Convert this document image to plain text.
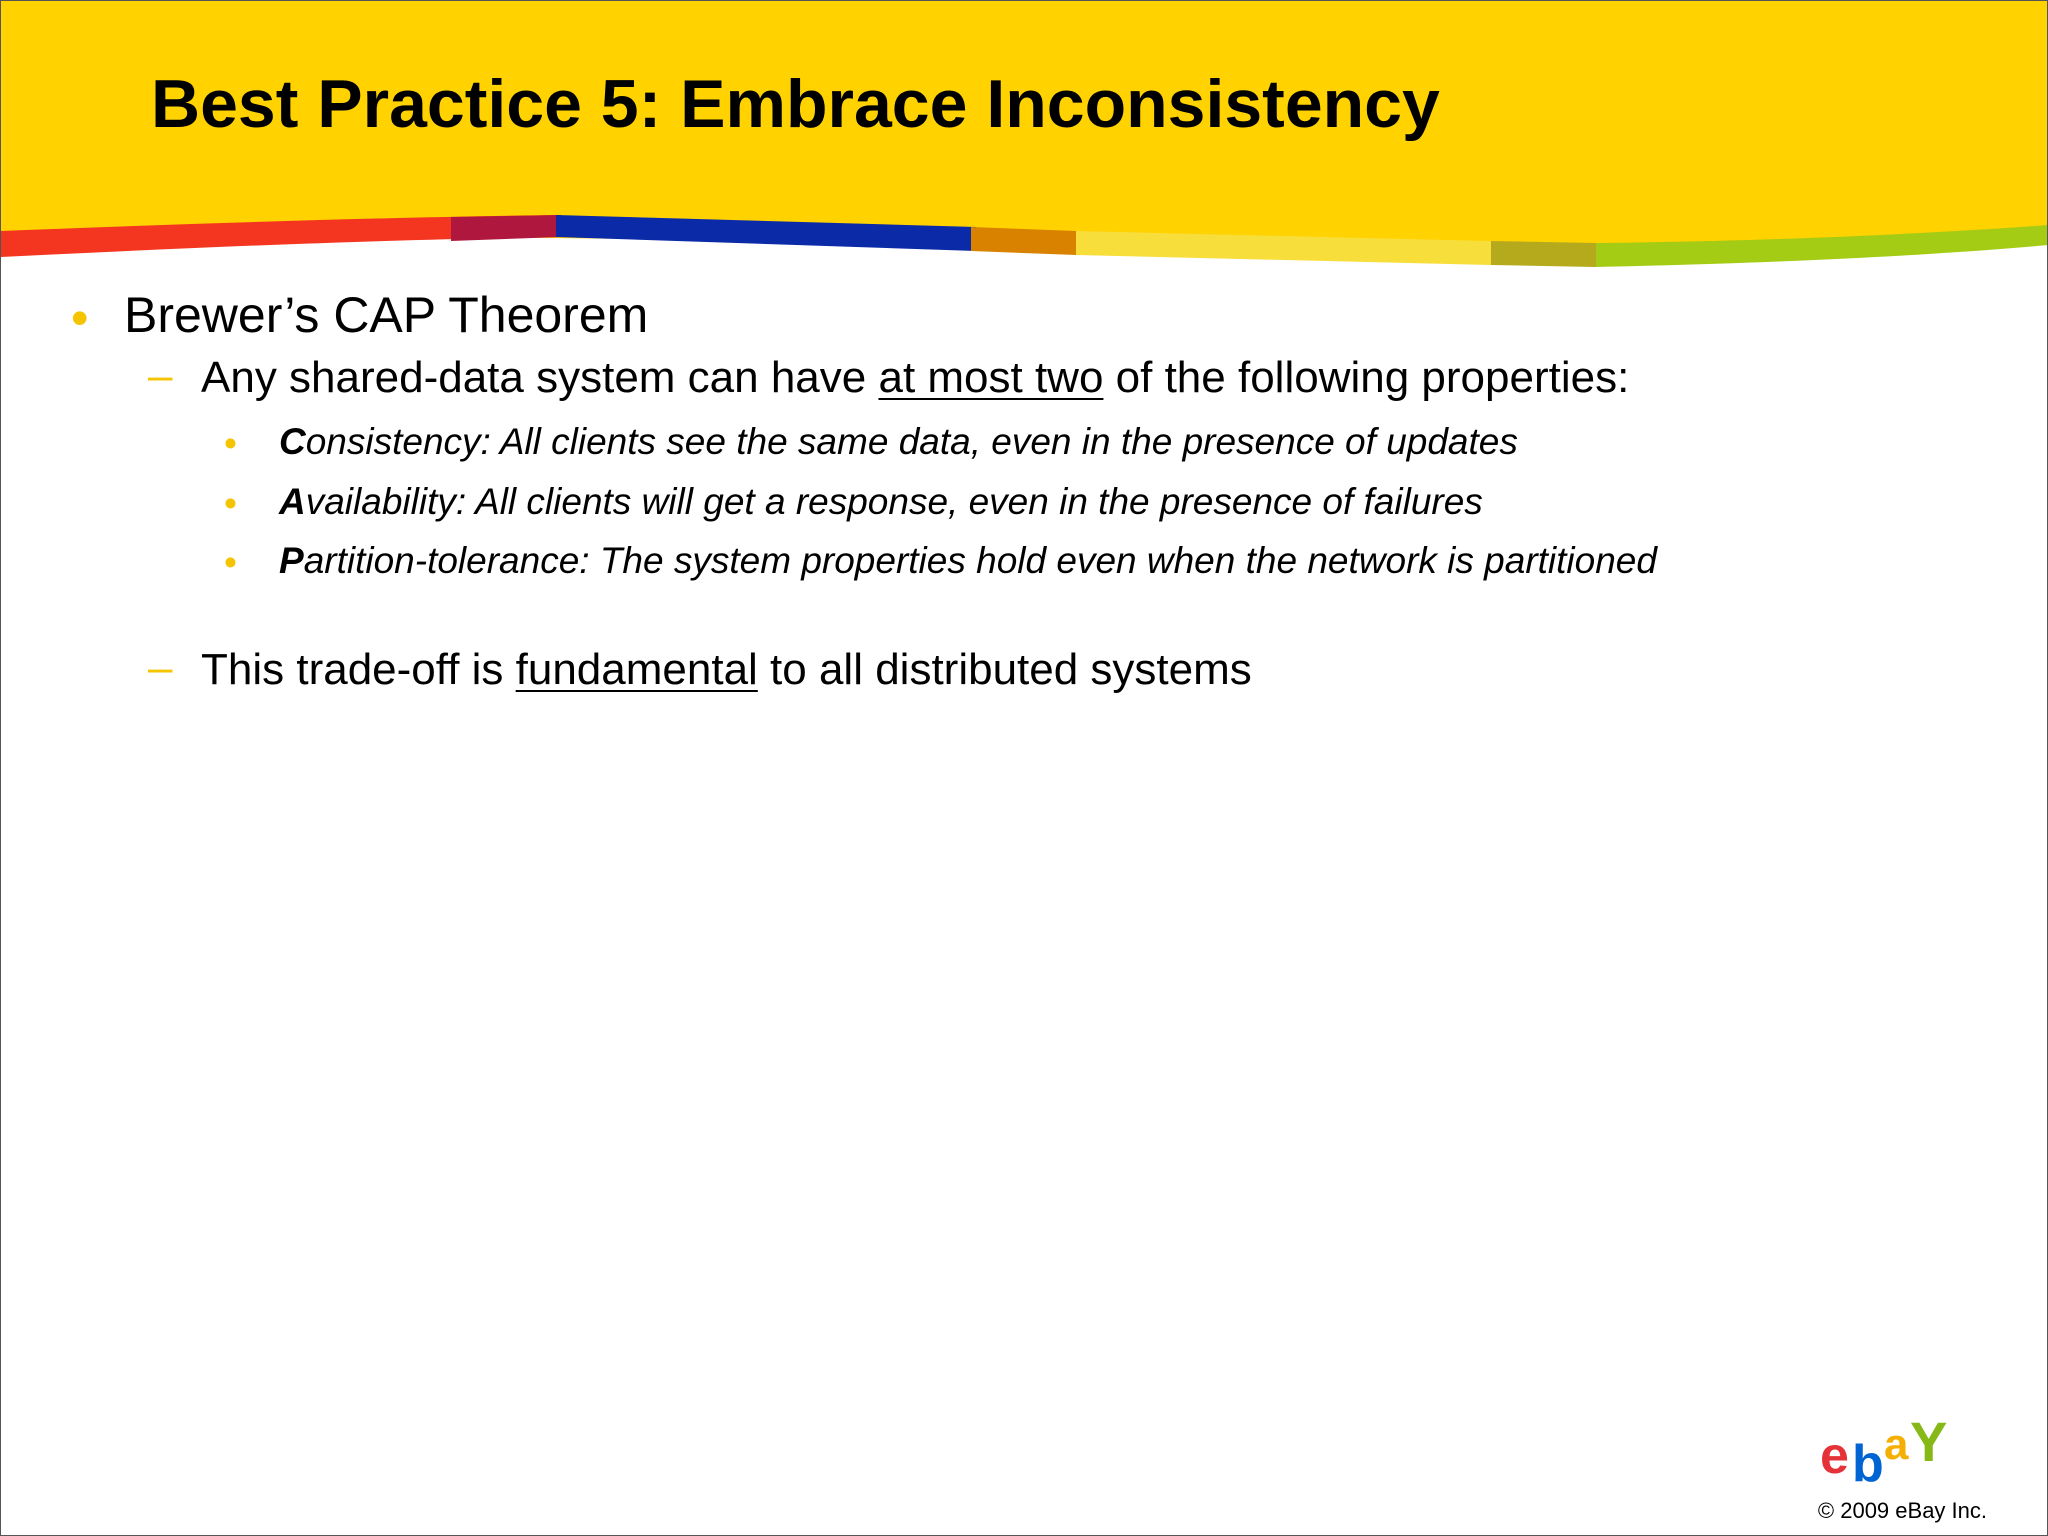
Best Practice 5: Embrace Inconsistency
• Brewer’s CAP Theorem
– Any shared-data system can have at most two of the following properties:
• Consistency: All clients see the same data, even in the presence of updates
• Availability: All clients will get a response, even in the presence of failures
• Partition-tolerance: The system properties hold even when the network is partitioned
– This trade-off is fundamental to all distributed systems
e b a Y
© 2009 eBay Inc.
